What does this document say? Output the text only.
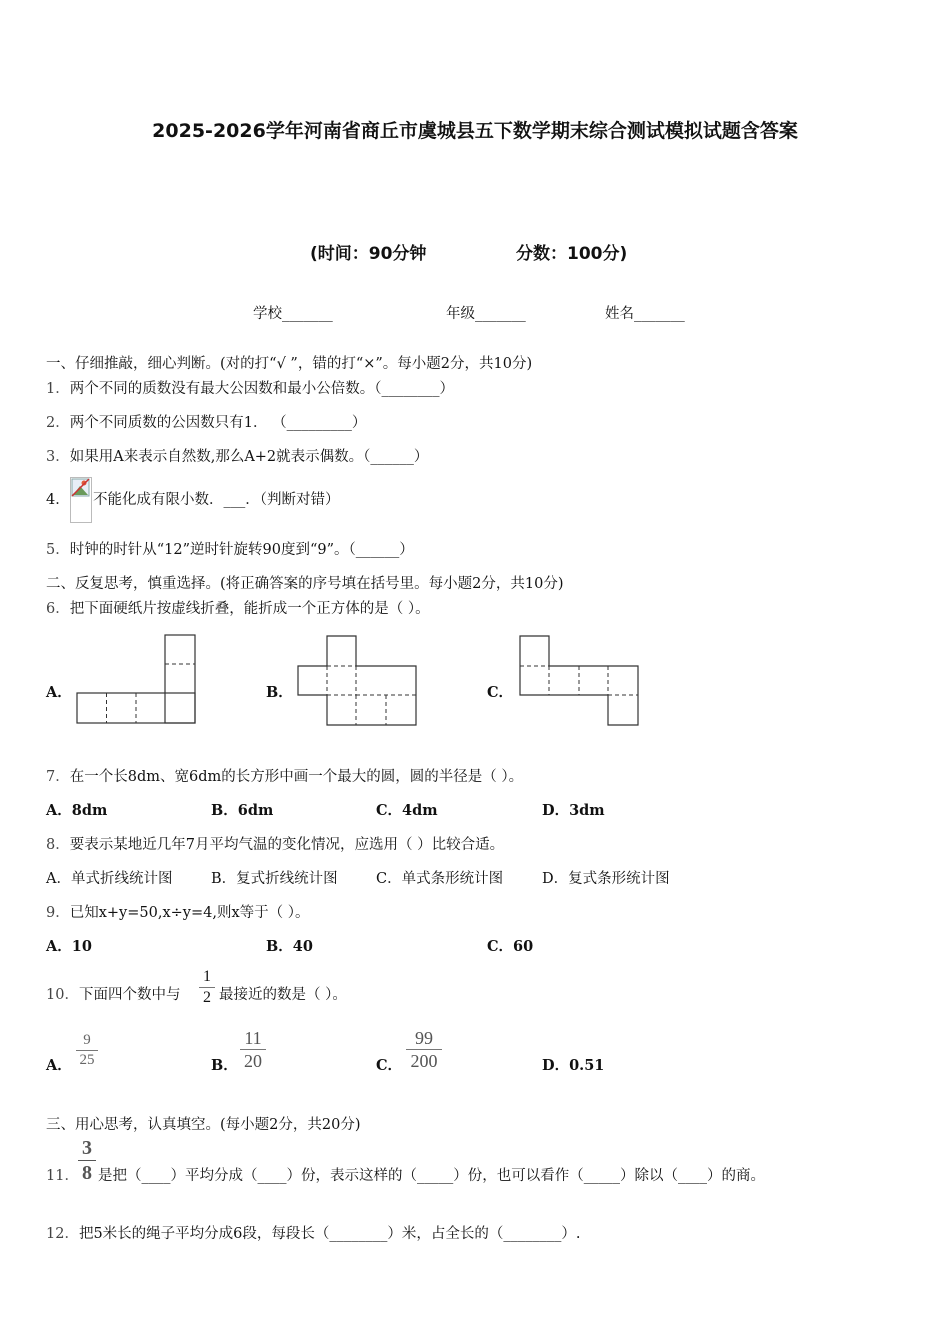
2025-2026学年河南省商丘市虞城县五下数学期末综合测试模拟试题含答案
(时间：90分钟	分数：100分)
学校_______	年级_______	姓名_______
一、仔细推敲，细心判断。(对的打“√ ”，错的打“×”。每小题2分，共10分)
1．两个不同的质数没有最大公因数和最小公倍数。（________）
2．两个不同质数的公因数只有1． （_________）
3．如果用A来表示自然数,那么A+2就表示偶数。（______）
4． 不能化成有限小数．___．（判断对错）
5．时钟的时针从“12”逆时针旋转90度到“9”。（______）
二、反复思考，慎重选择。(将正确答案的序号填在括号里。每小题2分，共10分)
6．把下面硬纸片按虚线折叠，能折成一个正方体的是（ ）。
A．	B．	C．
7．在一个长8dm、宽6dm的长方形中画一个最大的圆，圆的半径是（ ）。
A．8dm	B．6dm	C．4dm	D．3dm
8．要表示某地近几年7月平均气温的变化情况，应选用（ ）比较合适。
A．单式折线统计图	B．复式折线统计图	C．单式条形统计图	D．复式条形统计图
9．已知x+y=50,x÷y=4,则x等于（ ）。
A．10	B．40	C．60
10．下面四个数中与
1
2 最接近的数是（ ）。
A．
9
25	B．
11
20	C．
99
200	D．0.51
三、用心思考，认真填空。(每小题2分，共20分)
11．
3
8 是把（____）平均分成（____）份，表示这样的（_____）份，也可以看作（_____）除以（____）的商。
12．把5米长的绳子平均分成6段，每段长（________）米，占全长的（________）.
